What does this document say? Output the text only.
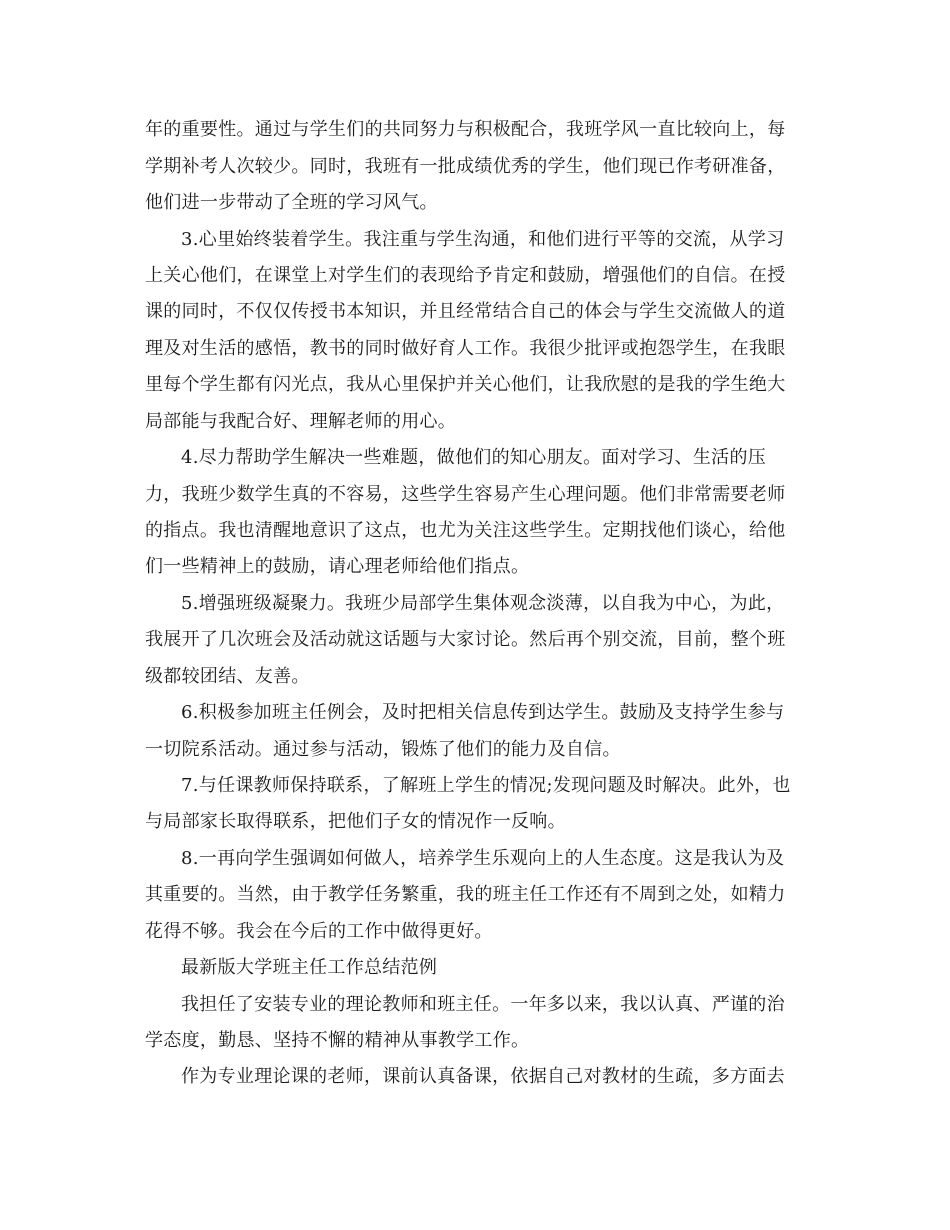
年的重要性。通过与学生们的共同努力与积极配合，我班学风一直比较向上，每
学期补考人次较少。同时，我班有一批成绩优秀的学生，他们现已作考研准备，
他们进一步带动了全班的学习风气。
3.心里始终装着学生。我注重与学生沟通，和他们进行平等的交流，从学习
上关心他们，在课堂上对学生们的表现给予肯定和鼓励，增强他们的自信。在授
课的同时，不仅仅传授书本知识，并且经常结合自己的体会与学生交流做人的道
理及对生活的感悟，教书的同时做好育人工作。我很少批评或抱怨学生，在我眼
里每个学生都有闪光点，我从心里保护并关心他们，让我欣慰的是我的学生绝大
局部能与我配合好、理解老师的用心。
4.尽力帮助学生解决一些难题，做他们的知心朋友。面对学习、生活的压
力，我班少数学生真的不容易，这些学生容易产生心理问题。他们非常需要老师
的指点。我也清醒地意识了这点，也尤为关注这些学生。定期找他们谈心，给他
们一些精神上的鼓励，请心理老师给他们指点。
5.增强班级凝聚力。我班少局部学生集体观念淡薄，以自我为中心，为此，
我展开了几次班会及活动就这话题与大家讨论。然后再个别交流，目前，整个班
级都较团结、友善。
6.积极参加班主任例会，及时把相关信息传到达学生。鼓励及支持学生参与
一切院系活动。通过参与活动，锻炼了他们的能力及自信。
7.与任课教师保持联系，了解班上学生的情况;发现问题及时解决。此外，也
与局部家长取得联系，把他们子女的情况作一反响。
8.一再向学生强调如何做人，培养学生乐观向上的人生态度。这是我认为及
其重要的。当然，由于教学任务繁重，我的班主任工作还有不周到之处，如精力
花得不够。我会在今后的工作中做得更好。
最新版大学班主任工作总结范例
我担任了安装专业的理论教师和班主任。一年多以来，我以认真、严谨的治
学态度，勤恳、坚持不懈的精神从事教学工作。
作为专业理论课的老师，课前认真备课，依据自己对教材的生疏，多方面去
